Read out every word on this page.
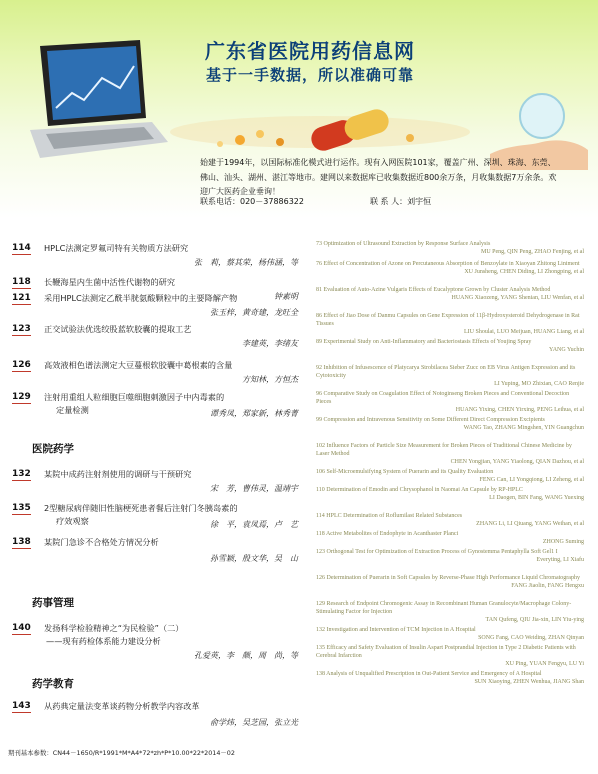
广东省医院用药信息网
基于一手数据，所以准确可靠

始建于1994年，以国际标准化模式进行运作。现有入网医院101家，覆盖广州、深圳、珠海、东莞、佛山、汕头、湖州、湛江等地市。建网以来数据库已收集数据近800余万条，月收集数据7万余条。欢迎广大医药企业垂询！

联系电话：020－37886322	联 系 人：刘宇恒
114 HPLC法测定罗氟司特有关物质方法研究
张　莉，蔡其荣，杨伟涵，等
118 长鞭海星内生菌中活性代谢物的研究
钟素明
121 采用HPLC法测定乙酰半胱氨酸颗粒中的主要降解产物
张玉梓，黄奇建，龙旺全
123 正交试验法优选绞股蓝软胶囊的提取工艺
李建英，李绪友
126 高效液相色谱法测定大豆蔓根软胶囊中葛根素的含量
方知林，方恒杰
129 注射用重组人粒细胞巨噬细胞刺激因子中内毒素的
定量检测	谭秀凤，郑家新，林秀菁
医院药学
132 某院中成药注射剂使用的调研与干预研究
宋　芳，曹伟灵，温靖宇
135 2型糖尿病伴随旧性脑梗死患者餐后注射门冬胰岛素的
疗效观察	徐　平，袁凤焉，卢　艺
138 某院门急诊不合格处方情况分析
孙雪颖，殷文华，吴　山
药事管理
140 发扬科学检验精神之“为民检验”（二）
——现有药检体系能力建设分析
孔爱英，李　颇，周　尚，等
药学教育
143 从药典定量法变革谈药物分析教学内容改革
俞学炜，吴芝园，张立光
73 Optimization of Ultrasound Extraction by Response Surface Analysis
MU Peng, QIN Peng, ZHAO Fenjing, et al
76 Effect of Concentration of Azone on Percutaneous Absorption of Benzoylate in Xiaoyan Zhitong Liniment
XU Junsheng, CHEN Diding, LI Zhongping, et al
81 Evaluation of Auto-Azine Vulgaris Effects of Eucalyptone Grown by Cluster Analysis Method
HUANG Xiaozeng, YANG Shenian, LIU Wenfan, et al
86 Effect of Jiao Dose of Danmu Capsules on Gene Expression of 11β-Hydroxysteroid Dehydrogenase in Rat Tissues
LIU Shoulai, LUO Meijuan, HUANG Liang, et al
89 Experimental Study on Anti-Inflammatory and Bacteriostasis Effects of Youjing Spray
YANG Yuchin
92 Inhibition of Infusescence of Platycarya Strobilacea Sieber Zucc on EB Virus Antigen Expression and its Cytotoxicity
LI Yuping, MO Zhixian, CAO Renjie
96 Comparative Study on Coagulation Effect of Notoginseng Broken Pieces and Conventional Decoction Pieces
HUANG Yixing, CHEN Yirxing, PENG Leihua, et al
99 Compression and Intravenous Sensitivity on Some Different Direct Compression Excipients
WANG Tao, ZHANG Mingshen, YIN Guangchun
102 Influence Factors of Particle Size Measurement for Broken Pieces of Traditional Chinese Medicine by Laser Method
CHEN Yongjian, YANG Yiaolong, QIAN Dazhou, et al
106 Self-Microemulsifying System of Puerarin and its Quality Evaluation
FENG Can, LI Yongqiong, LI Zeheng, et al
110 Determination of Emodin and Chrysophanol in Naomai An Capsule by RP-HPLC
LI Daogen, BIN Fang, WANG Yuexing
114 HPLC Determination of Roflumilast Related Substances
ZHANG Li, LI Qiuang, YANG Weihan, et al
118 Active Metabolites of Endophyte in Acanthaster Planci
ZHONG Suming
123 Orthogonal Test for Optimization of Extraction Process of Gynostemma Pentaphylla Soft Gel1 I
Everyting, LI Xiafu
126 Determination of Puerarin in Soft Capsules by Reverse-Phase High Performance Liquid Chromatography
FANG Jiaolin, FANG Hengxu
129 Research of Endpoint Chromogenic Assay in Recombinant Human Granulocyte/Macrophage Colony-Stimulating Factor for Injection
TAN Qufeng, QIU Jia-xin, LIN Yiu-ying
132 Investigation and Intervention of TCM Injection in A Hospital
SONG Fang, CAO Weiding, ZHAN Qinyan
135 Efficacy and Safety Evaluation of Insulin Aspart Postprandial Injection in Type 2 Diabetic Patients with Cerebral Infarction
XU Ping, YUAN Fengyu, LU Yi
138 Analysis of Unqualified Prescription in Out-Patient Service and Emergency of A Hospital
SUN Xiaoying, ZHEN Wenhua, JIANG Shan
期刊基本参数：CN44－1650/R*1991*M*A4*72*zh*P*10.00*22*2014－02
